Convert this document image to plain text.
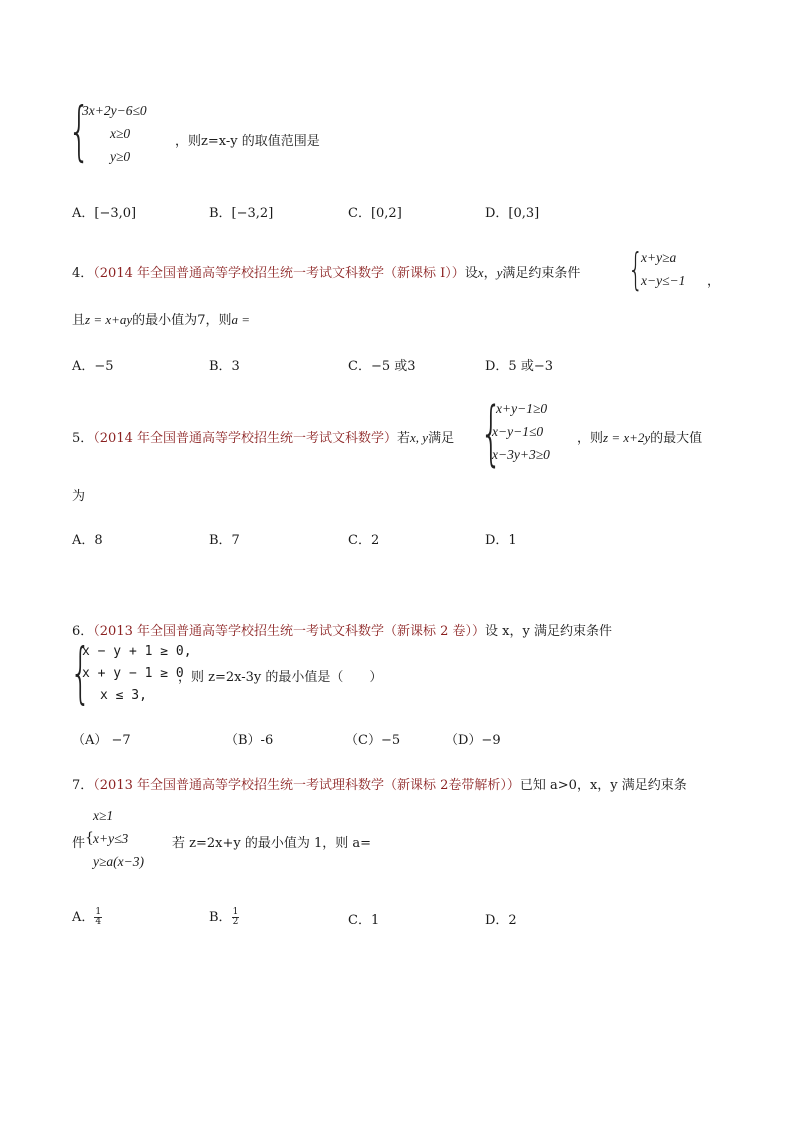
{
3x+2y−6≤0
x≥0
y≥0
，则z=x-y 的取值范围是
A．[−3,0]	B．[−3,2]	C．[0,2]	D．[0,3]
4．（2014 年全国普通高等学校招生统一考试文科数学（新课标 I））设x，y满足约束条件 {
x+y≥a
x−y≤−1 ，
且z = x+ay的最小值为7，则a =
A．−5	B．3	C．−5 或3	D．5 或−3
5．（2014 年全国普通高等学校招生统一考试文科数学）若x, y满足 {
x+y−1≥0
x−y−1≤0
x−3y+3≥0
，则z = x+2y的最大值
为
A．8	B．7	C．2	D．1
6．（2013 年全国普通高等学校招生统一考试文科数学（新课标 2 卷））设 x，y 满足约束条件
{
x − y + 1 ≥ 0,
x + y − 1 ≥ 0
x ≤ 3,
，则 z=2x-3y 的最小值是（　　）
（A） −7	（B）-6	（C）−5	（D）−9
7．（2013 年全国普通高等学校招生统一考试理科数学（新课标 2卷带解析））已知 a>0，x，y 满足约束条
件 {
x≥1
x+y≤3
y≥a(x−3)
若 z=2x+y 的最小值为 1，则 a=
A． $\frac{1}{4}$	B． $\frac{1}{2}$	C．1	D．2
